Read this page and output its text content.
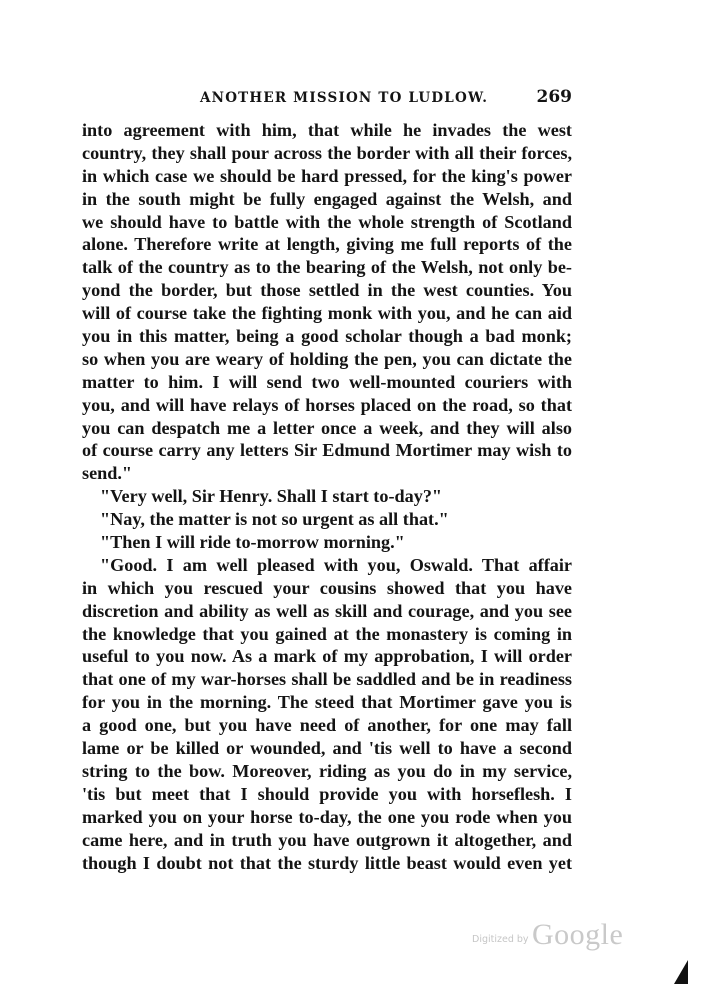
ANOTHER MISSION TO LUDLOW.	269
into agreement with him, that while he invades the west
country, they shall pour across the border with all their forces,
in which case we should be hard pressed, for the king's power
in the south might be fully engaged against the Welsh, and
we should have to battle with the whole strength of Scotland
alone. Therefore write at length, giving me full reports of the
talk of the country as to the bearing of the Welsh, not only be-
yond the border, but those settled in the west counties. You
will of course take the fighting monk with you, and he can aid
you in this matter, being a good scholar though a bad monk;
so when you are weary of holding the pen, you can dictate the
matter to him. I will send two well-mounted couriers with
you, and will have relays of horses placed on the road, so that
you can despatch me a letter once a week, and they will also
of course carry any letters Sir Edmund Mortimer may wish to
send."
"Very well, Sir Henry. Shall I start to-day?"
"Nay, the matter is not so urgent as all that."
"Then I will ride to-morrow morning."
"Good. I am well pleased with you, Oswald. That affair
in which you rescued your cousins showed that you have
discretion and ability as well as skill and courage, and you see
the knowledge that you gained at the monastery is coming in
useful to you now. As a mark of my approbation, I will order
that one of my war-horses shall be saddled and be in readiness
for you in the morning. The steed that Mortimer gave you is
a good one, but you have need of another, for one may fall
lame or be killed or wounded, and 'tis well to have a second
string to the bow. Moreover, riding as you do in my service,
'tis but meet that I should provide you with horseflesh. I
marked you on your horse to-day, the one you rode when you
came here, and in truth you have outgrown it altogether, and
though I doubt not that the sturdy little beast would even yet
Digitized by Google
